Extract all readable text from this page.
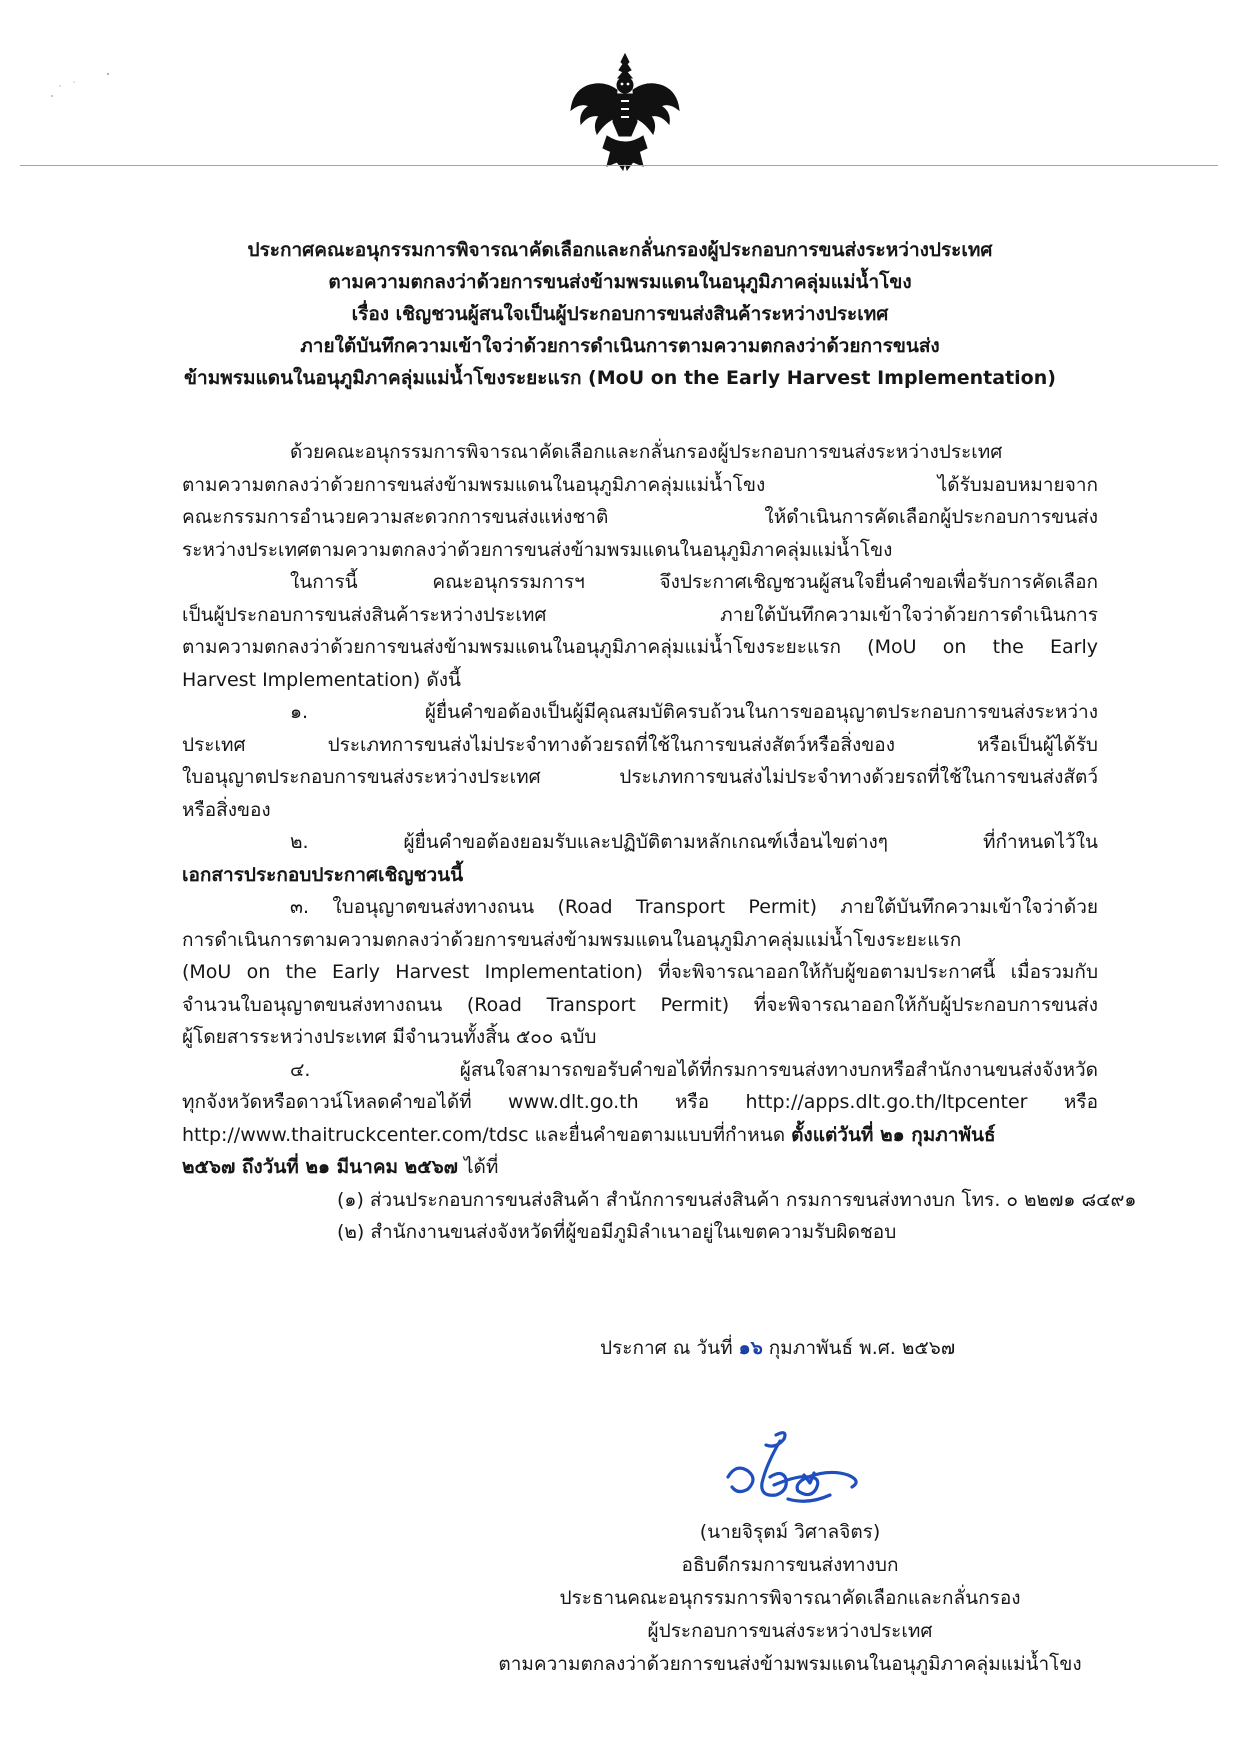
ประกาศคณะอนุกรรมการพิจารณาคัดเลือกและกลั่นกรองผู้ประกอบการขนส่งระหว่างประเทศ
ตามความตกลงว่าด้วยการขนส่งข้ามพรมแดนในอนุภูมิภาคลุ่มแม่น้ำโขง
เรื่อง เชิญชวนผู้สนใจเป็นผู้ประกอบการขนส่งสินค้าระหว่างประเทศ
ภายใต้บันทึกความเข้าใจว่าด้วยการดำเนินการตามความตกลงว่าด้วยการขนส่ง
ข้ามพรมแดนในอนุภูมิภาคลุ่มแม่น้ำโขงระยะแรก (MoU on the Early Harvest Implementation)
ด้วยคณะอนุกรรมการพิจารณาคัดเลือกและกลั่นกรองผู้ประกอบการขนส่งระหว่างประเทศ
ตามความตกลงว่าด้วยการขนส่งข้ามพรมแดนในอนุภูมิภาคลุ่มแม่น้ำโขง ได้รับมอบหมายจาก
คณะกรรมการอำนวยความสะดวกการขนส่งแห่งชาติ ให้ดำเนินการคัดเลือกผู้ประกอบการขนส่ง
ระหว่างประเทศตามความตกลงว่าด้วยการขนส่งข้ามพรมแดนในอนุภูมิภาคลุ่มแม่น้ำโขง
ในการนี้ คณะอนุกรรมการฯ จึงประกาศเชิญชวนผู้สนใจยื่นคำขอเพื่อรับการคัดเลือก
เป็นผู้ประกอบการขนส่งสินค้าระหว่างประเทศ ภายใต้บันทึกความเข้าใจว่าด้วยการดำเนินการ
ตามความตกลงว่าด้วยการขนส่งข้ามพรมแดนในอนุภูมิภาคลุ่มแม่น้ำโขงระยะแรก (MoU on the Early
Harvest Implementation) ดังนี้
๑. ผู้ยื่นคำขอต้องเป็นผู้มีคุณสมบัติครบถ้วนในการขออนุญาตประกอบการขนส่งระหว่าง
ประเทศ ประเภทการขนส่งไม่ประจำทางด้วยรถที่ใช้ในการขนส่งสัตว์หรือสิ่งของ หรือเป็นผู้ได้รับ
ใบอนุญาตประกอบการขนส่งระหว่างประเทศ ประเภทการขนส่งไม่ประจำทางด้วยรถที่ใช้ในการขนส่งสัตว์
หรือสิ่งของ
๒. ผู้ยื่นคำขอต้องยอมรับและปฏิบัติตามหลักเกณฑ์เงื่อนไขต่างๆ ที่กำหนดไว้ใน
เอกสารประกอบประกาศเชิญชวนนี้
๓. ใบอนุญาตขนส่งทางถนน (Road Transport Permit) ภายใต้บันทึกความเข้าใจว่าด้วย
การดำเนินการตามความตกลงว่าด้วยการขนส่งข้ามพรมแดนในอนุภูมิภาคลุ่มแม่น้ำโขงระยะแรก
(MoU on the Early Harvest Implementation) ที่จะพิจารณาออกให้กับผู้ขอตามประกาศนี้ เมื่อรวมกับ
จำนวนใบอนุญาตขนส่งทางถนน (Road Transport Permit) ที่จะพิจารณาออกให้กับผู้ประกอบการขนส่ง
ผู้โดยสารระหว่างประเทศ มีจำนวนทั้งสิ้น ๕๐๐ ฉบับ
๔. ผู้สนใจสามารถขอรับคำขอได้ที่กรมการขนส่งทางบกหรือสำนักงานขนส่งจังหวัด
ทุกจังหวัดหรือดาวน์โหลดคำขอได้ที่ www.dlt.go.th หรือ http://apps.dlt.go.th/ltpcenter หรือ
http://www.thaitruckcenter.com/tdsc และยื่นคำขอตามแบบที่กำหนด ตั้งแต่วันที่ ๒๑ กุมภาพันธ์
๒๕๖๗ ถึงวันที่ ๒๑ มีนาคม ๒๕๖๗ ได้ที่
(๑) ส่วนประกอบการขนส่งสินค้า สำนักการขนส่งสินค้า กรมการขนส่งทางบก โทร. ๐ ๒๒๗๑ ๘๔๙๑
(๒) สำนักงานขนส่งจังหวัดที่ผู้ขอมีภูมิลำเนาอยู่ในเขตความรับผิดชอบ
ประกาศ ณ วันที่ ๑๖ กุมภาพันธ์ พ.ศ. ๒๕๖๗
(นายจิรุตม์ วิศาลจิตร)
อธิบดีกรมการขนส่งทางบก
ประธานคณะอนุกรรมการพิจารณาคัดเลือกและกลั่นกรอง
ผู้ประกอบการขนส่งระหว่างประเทศ
ตามความตกลงว่าด้วยการขนส่งข้ามพรมแดนในอนุภูมิภาคลุ่มแม่น้ำโขง
